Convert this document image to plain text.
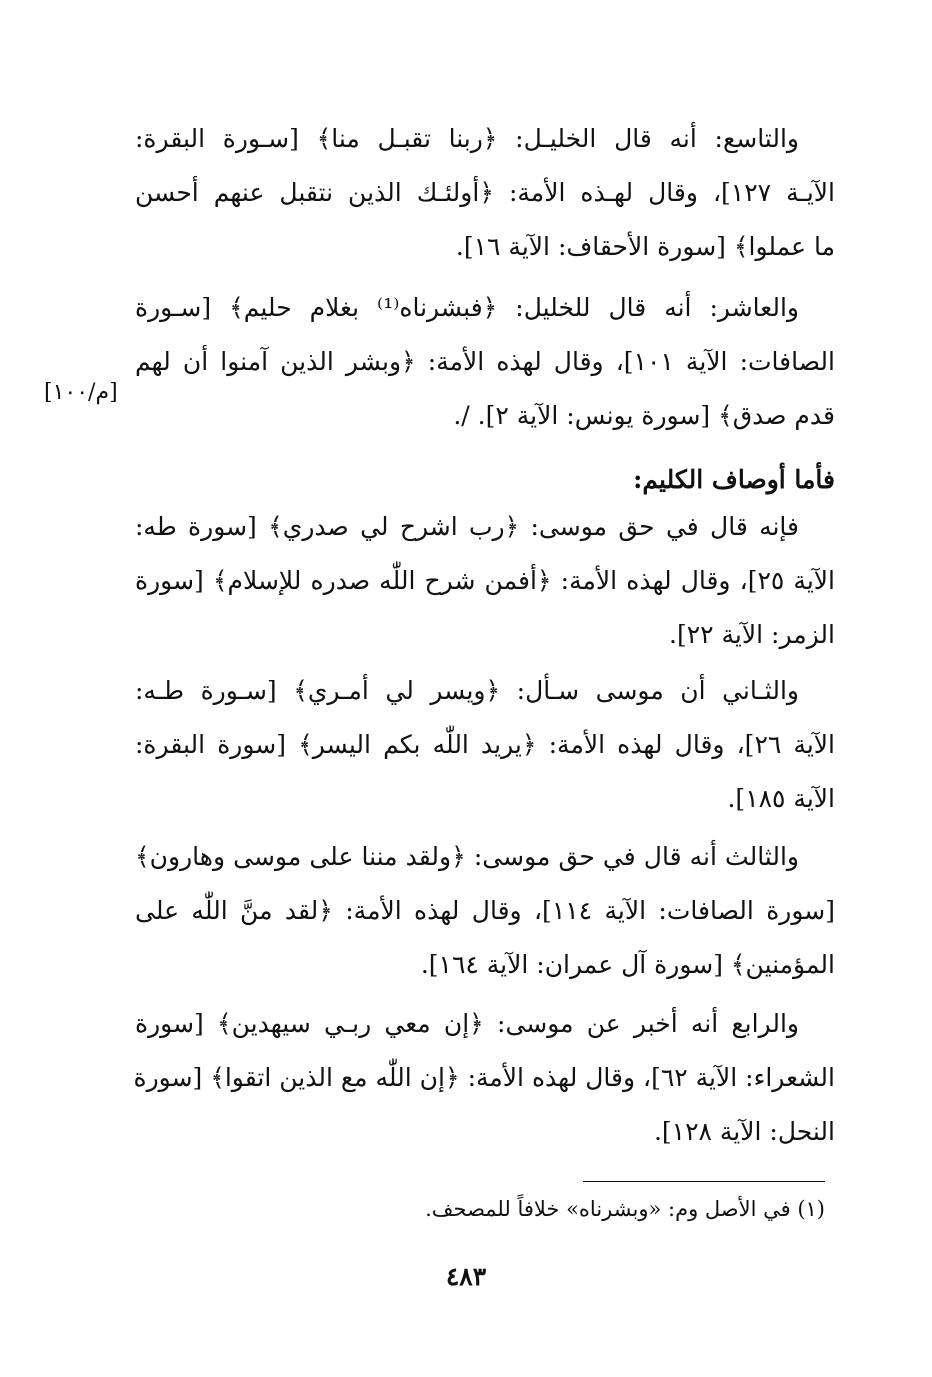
والتاسع: أنه قال الخليـل: ﴿ربنا تقبـل منا﴾ [سـورة البقرة:
الآيـة ١٢٧]، وقال لهـذه الأمة: ﴿أولئـك الذين نتقبل عنهم أحسن
ما عملوا﴾ [سورة الأحقاف: الآية ١٦].
والعاشر: أنه قال للخليل: ﴿فبشرناه⁽¹⁾ بغلام حليم﴾ [سـورة
الصافات: الآية ١٠١]، وقال لهذه الأمة: ﴿وبشر الذين آمنوا أن لهم
قدم صدق﴾ [سورة يونس: الآية ٢]. /.
[م/١٠٠]
فأما أوصاف الكليم:
فإنه قال في حق موسى: ﴿رب اشرح لي صدري﴾ [سورة طه:
الآية ٢٥]، وقال لهذه الأمة: ﴿أفمن شرح اللّٰه صدره للإسلام﴾ [سورة
الزمر: الآية ٢٢].
والثـاني أن موسى سـأل: ﴿ويسر لي أمـري﴾ [سـورة طـه:
الآية ٢٦]، وقال لهذه الأمة: ﴿يريد اللّٰه بكم اليسر﴾ [سورة البقرة:
الآية ١٨٥].
والثالث أنه قال في حق موسى: ﴿ولقد مننا على موسى وهارون﴾
[سورة الصافات: الآية ١١٤]، وقال لهذه الأمة: ﴿لقد منَّ اللّٰه على
المؤمنين﴾ [سورة آل عمران: الآية ١٦٤].
والرابع أنه أخبر عن موسى: ﴿إن معي ربـي سيهدين﴾ [سورة
الشعراء: الآية ٦٢]، وقال لهذه الأمة: ﴿إن اللّٰه مع الذين اتقوا﴾ [سورة
النحل: الآية ١٢٨].
(١) في الأصل وم: «وبشرناه» خلافاً للمصحف.
٤٨٣
